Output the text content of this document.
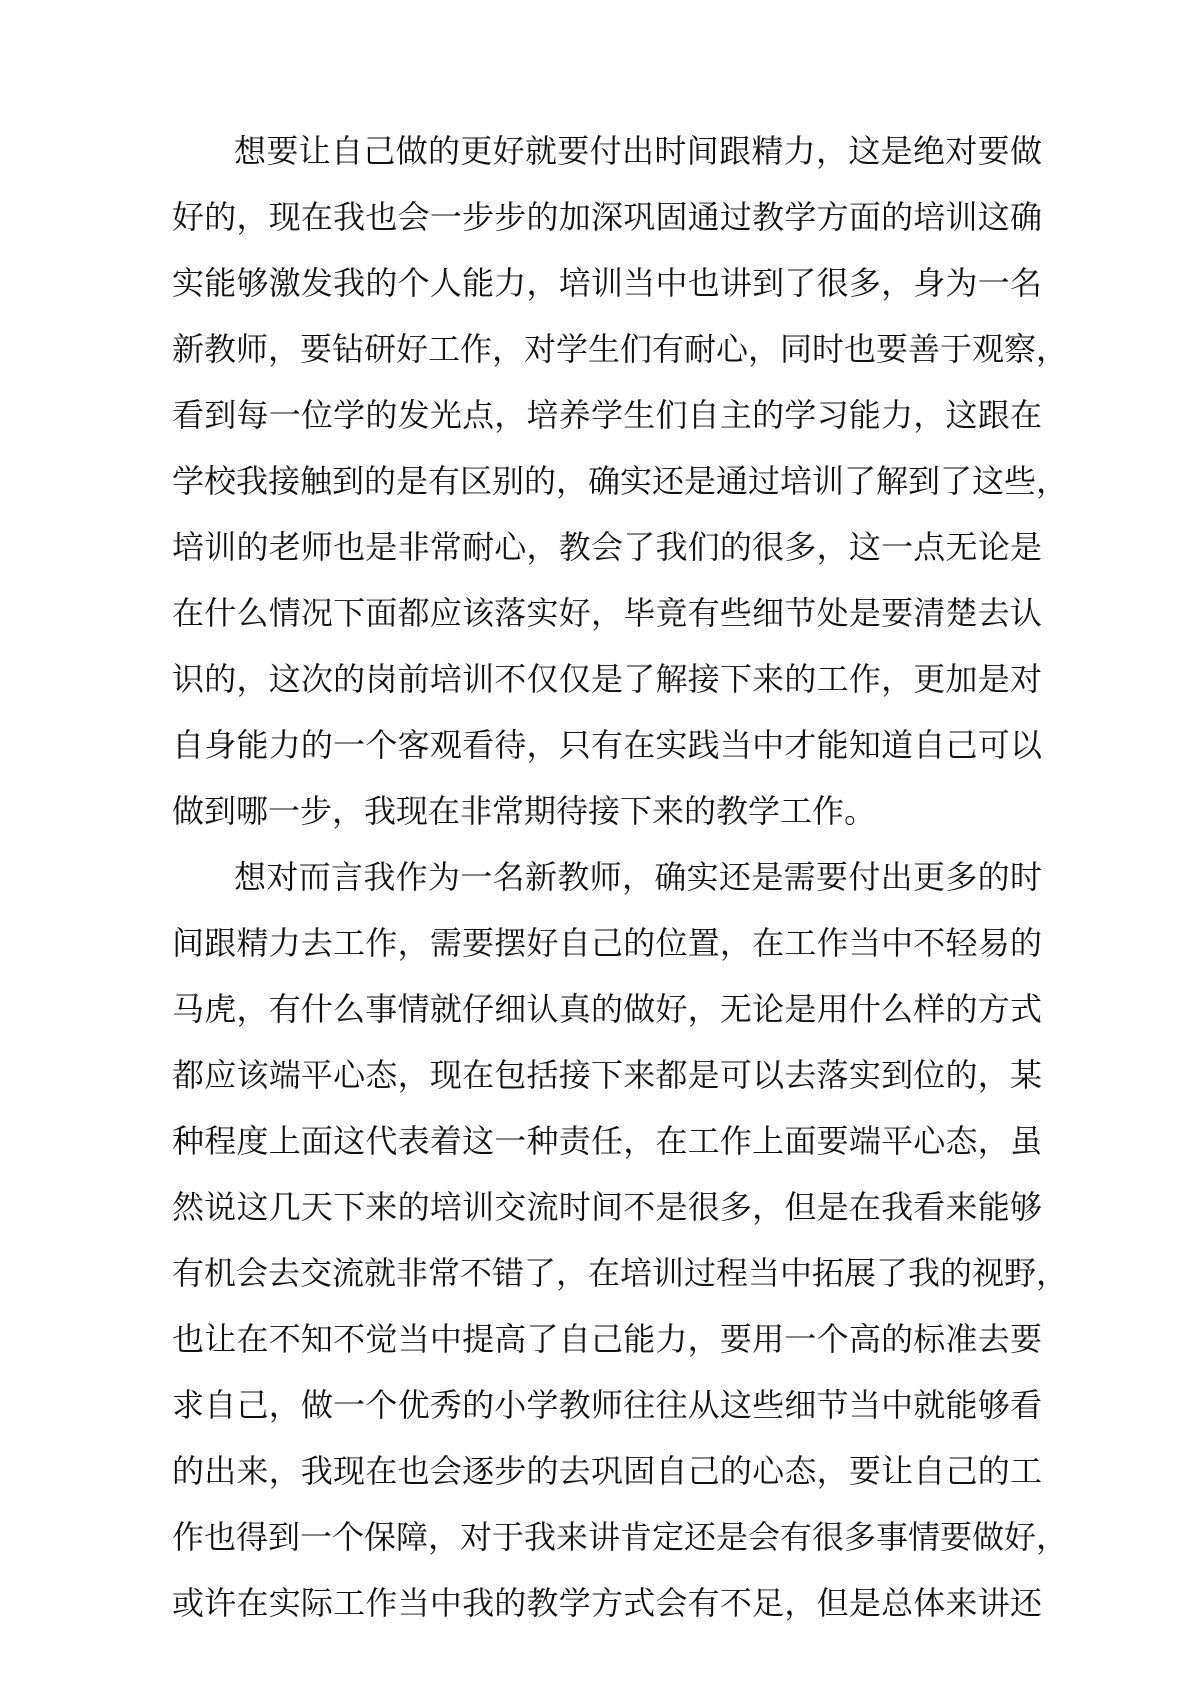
想要让自己做的更好就要付出时间跟精力，这是绝对要做
好的，现在我也会一步步的加深巩固通过教学方面的培训这确
实能够激发我的个人能力，培训当中也讲到了很多，身为一名
新教师，要钻研好工作，对学生们有耐心，同时也要善于观察，
看到每一位学的发光点，培养学生们自主的学习能力，这跟在
学校我接触到的是有区别的，确实还是通过培训了解到了这些，
培训的老师也是非常耐心，教会了我们的很多，这一点无论是
在什么情况下面都应该落实好，毕竟有些细节处是要清楚去认
识的，这次的岗前培训不仅仅是了解接下来的工作，更加是对
自身能力的一个客观看待，只有在实践当中才能知道自己可以
做到哪一步，我现在非常期待接下来的教学工作。
想对而言我作为一名新教师，确实还是需要付出更多的时
间跟精力去工作，需要摆好自己的位置，在工作当中不轻易的
马虎，有什么事情就仔细认真的做好，无论是用什么样的方式
都应该端平心态，现在包括接下来都是可以去落实到位的，某
种程度上面这代表着这一种责任，在工作上面要端平心态，虽
然说这几天下来的培训交流时间不是很多，但是在我看来能够
有机会去交流就非常不错了，在培训过程当中拓展了我的视野，
也让在不知不觉当中提高了自己能力，要用一个高的标准去要
求自己，做一个优秀的小学教师往往从这些细节当中就能够看
的出来，我现在也会逐步的去巩固自己的心态，要让自己的工
作也得到一个保障，对于我来讲肯定还是会有很多事情要做好，
或许在实际工作当中我的教学方式会有不足，但是总体来讲还
